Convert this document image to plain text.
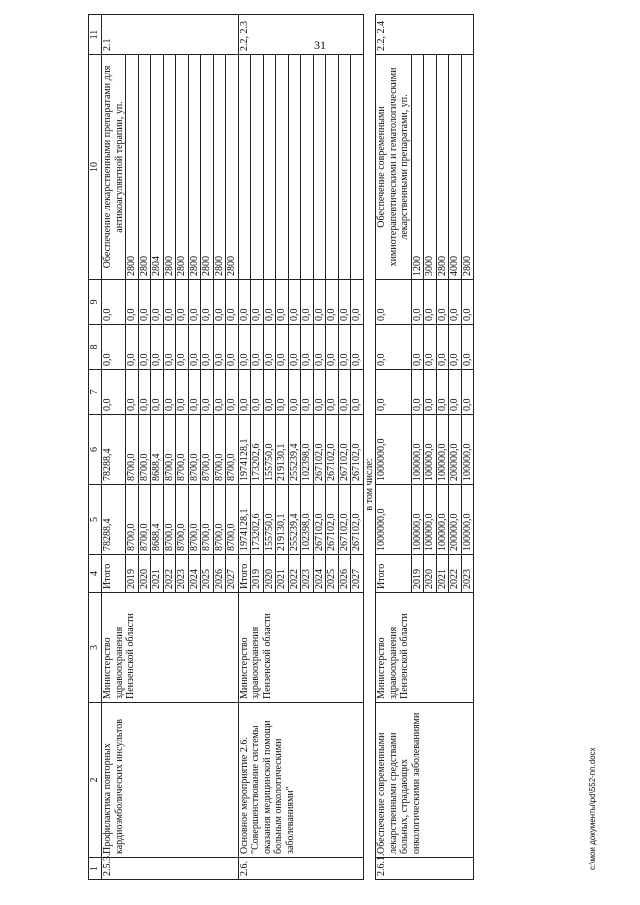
31
1	2	3	4	5	6	7	8	9	10	11
2.5.3.	Профилактика повторных кардиоэмболических инсультов	Министерство здравоохранения Пензенской области	Итого	78288,4	78288,4	0,0	0,0	0,0	Обеспечение лекарственными препаратами для антикоагулянтной терапии, уп.	2.1
			2019	8700,0	8700,0	0,0	0,0	0,0	2800	
			2020	8700,0	8700,0	0,0	0,0	0,0	2800	
			2021	8688,4	8688,4	0,0	0,0	0,0	2804	
			2022	8700,0	8700,0	0,0	0,0	0,0	2800	
			2023	8700,0	8700,0	0,0	0,0	0,0	2800	
			2024	8700,0	8700,0	0,0	0,0	0,0	2800	
			2025	8700,0	8700,0	0,0	0,0	0,0	2800	
			2026	8700,0	8700,0	0,0	0,0	0,0	2800	
			2027	8700,0	8700,0	0,0	0,0	0,0	2800	
2.6.	Основное мероприятие 2.6. "Совершенствование системы оказания медицинской помощи больным онкологическими заболеваниями"	Министерство здравоохранения Пензенской области	Итого	1974128,1	1974128,1	0,0	0,0	0,0		2.2, 2.3
			2019	173202,6	173202,6	0,0	0,0	0,0		
			2020	155750,0	155750,0	0,0	0,0	0,0		
			2021	219130,1	219130,1	0,0	0,0	0,0		
			2022	255239,4	255239,4	0,0	0,0	0,0		
			2023	102398,0	102398,0	0,0	0,0	0,0		
			2024	267102,0	267102,0	0,0	0,0	0,0		
			2025	267102,0	267102,0	0,0	0,0	0,0		
			2026	267102,0	267102,0	0,0	0,0	0,0		
			2027	267102,0	267102,0	0,0	0,0	0,0		
				в том числе:						
2.6.1.	Обеспечение современными лекарственными средствами больных, страдающих онкологическими заболеваниями	Министерство здравоохранения Пензенской области	Итого	1000000,0	1000000,0	0,0	0,0	0,0	Обеспечение современными химиотерапевтическими и гематологическими лекарственными препаратами, уп.	2.2, 2.4
			2019	100000,0	100000,0	0,0	0,0	0,0	1200	
			2020	100000,0	100000,0	0,0	0,0	0,0	3000	
			2021	100000,0	100000,0	0,0	0,0	0,0	2800	
			2022	200000,0	200000,0	0,0	0,0	0,0	4000	
			2023	100000,0	100000,0	0,0	0,0	0,0	2800	
c:\мои документы\pd\552-пп.docx
